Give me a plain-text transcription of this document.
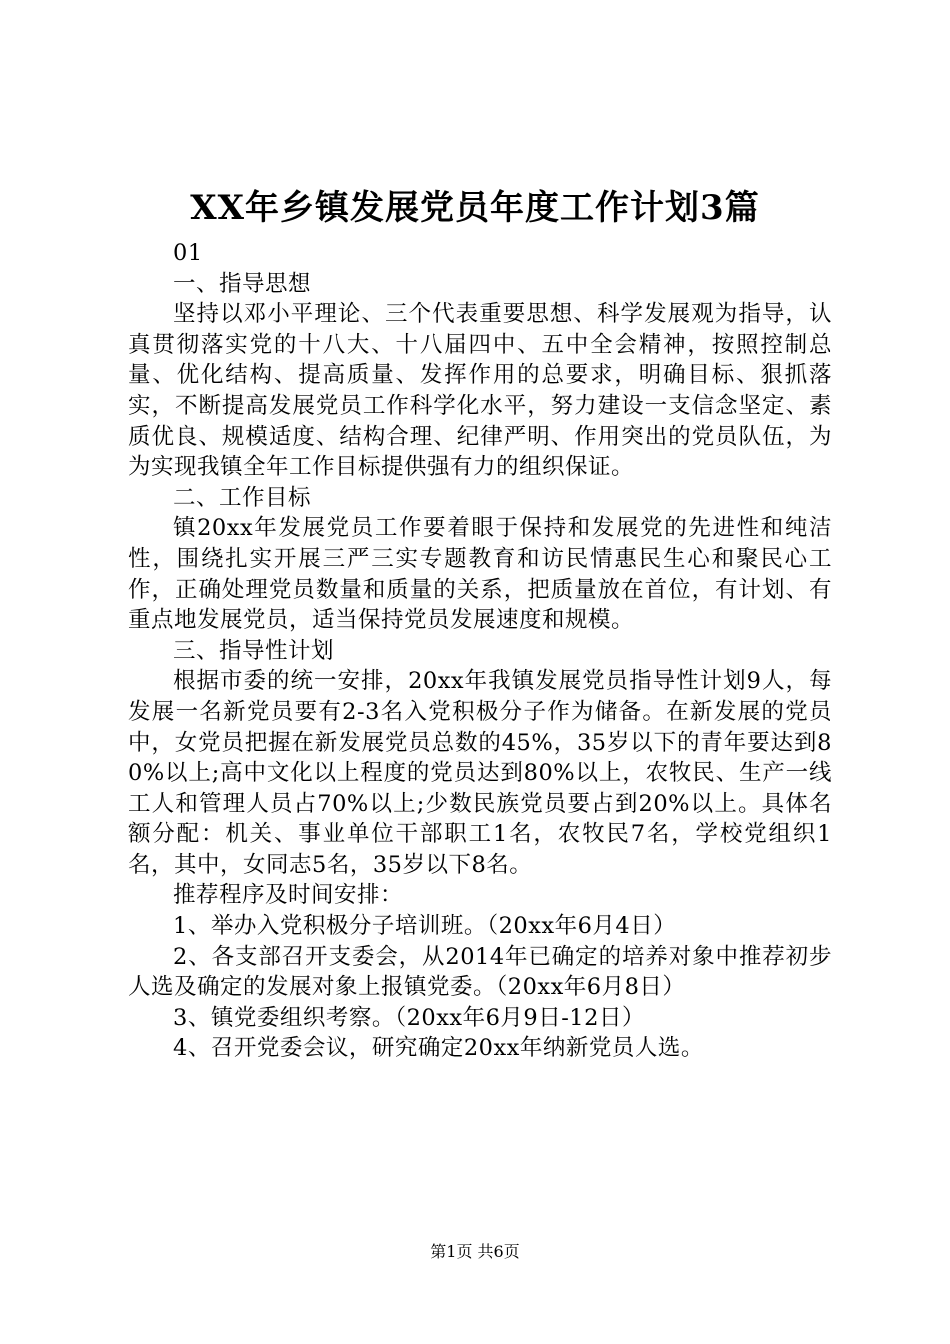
XX年乡镇发展党员年度工作计划3篇

01

一、指导思想

坚持以邓小平理论、三个代表重要思想、科学发展观为指导，认真贯彻落实党的十八大、十八届四中、五中全会精神，按照控制总量、优化结构、提高质量、发挥作用的总要求，明确目标、狠抓落实，不断提高发展党员工作科学化水平，努力建设一支信念坚定、素质优良、规模适度、结构合理、纪律严明、作用突出的党员队伍，为为实现我镇全年工作目标提供强有力的组织保证。

二、工作目标

镇20xx年发展党员工作要着眼于保持和发展党的先进性和纯洁性，围绕扎实开展三严三实专题教育和访民情惠民生心和聚民心工作，正确处理党员数量和质量的关系，把质量放在首位，有计划、有重点地发展党员，适当保持党员发展速度和规模。

三、指导性计划

根据市委的统一安排，20xx年我镇发展党员指导性计划9人，每发展一名新党员要有2-3名入党积极分子作为储备。在新发展的党员中，女党员把握在新发展党员总数的45%，35岁以下的青年要达到80%以上;高中文化以上程度的党员达到80%以上，农牧民、生产一线工人和管理人员占70%以上;少数民族党员要占到20%以上。具体名额分配：机关、事业单位干部职工1名，农牧民7名，学校党组织1名，其中，女同志5名，35岁以下8名。

推荐程序及时间安排：

1、举办入党积极分子培训班。（20xx年6月4日）

2、各支部召开支委会，从2014年已确定的培养对象中推荐初步人选及确定的发展对象上报镇党委。（20xx年6月8日）

3、镇党委组织考察。（20xx年6月9日-12日）

4、召开党委会议，研究确定20xx年纳新党员人选。

第1页 共6页
